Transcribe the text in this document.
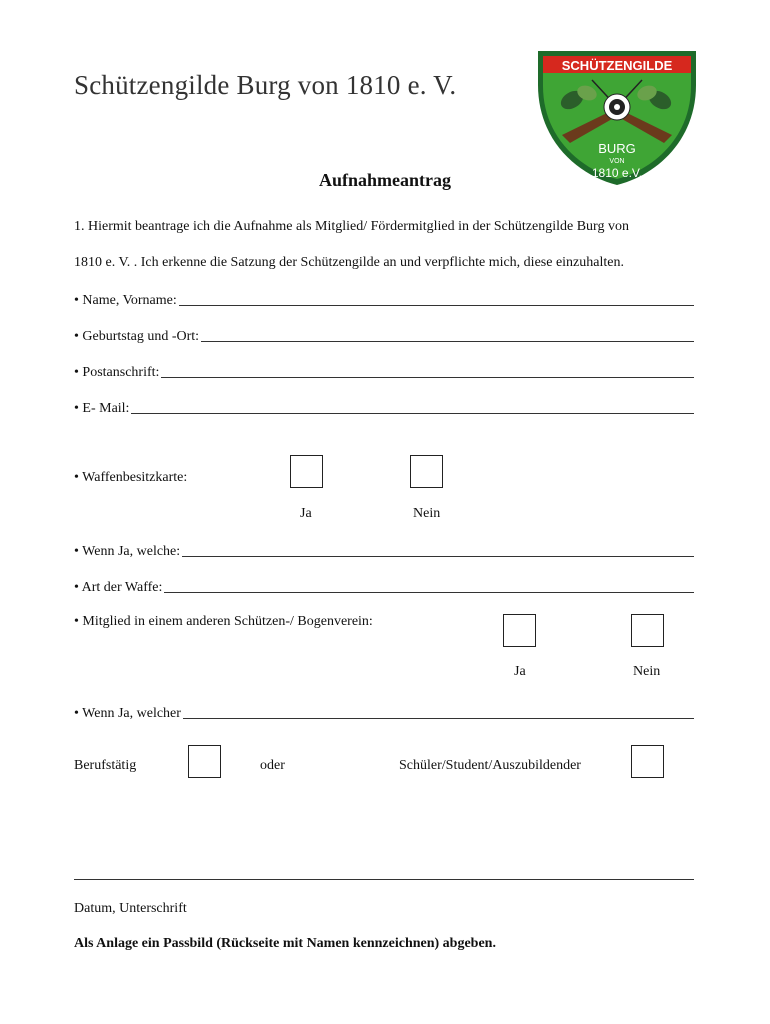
Schützengilde Burg von 1810 e. V.
SCHÜTZENGILDE
BURG
VON
1810 e.V.
Aufnahmeantrag
1. Hiermit beantrage ich die Aufnahme als Mitglied/ Fördermitglied in der Schützengilde Burg von
1810 e. V. . Ich erkenne die Satzung der Schützengilde an und verpflichte mich, diese einzuhalten.
• Name, Vorname:
• Geburtstag und -Ort:
• Postanschrift:
• E- Mail:
• Waffenbesitzkarte:
Ja	Nein
• Wenn Ja, welche:
• Art der Waffe:
• Mitglied in einem anderen Schützen-/ Bogenverein:
Ja	Nein
• Wenn Ja, welcher
Berufstätig	oder	Schüler/Student/Auszubildender
Datum, Unterschrift
Als Anlage ein Passbild (Rückseite mit Namen kennzeichnen) abgeben.
